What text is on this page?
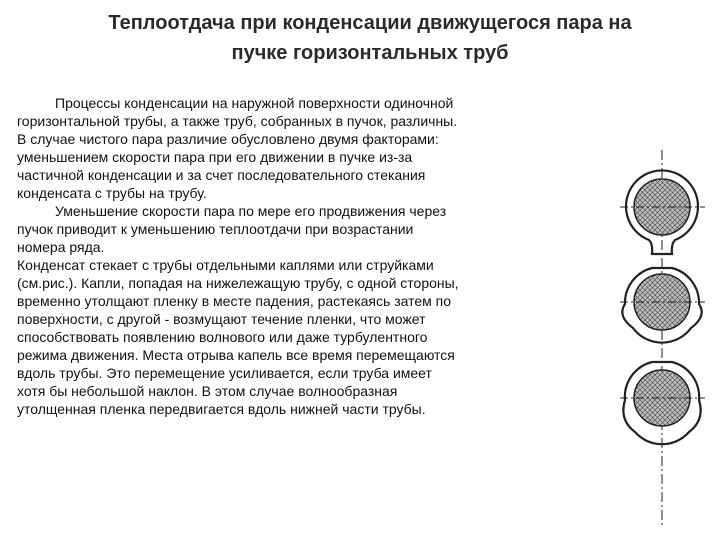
Теплоотдача при конденсации движущегося пара на
пучке горизонтальных труб
Процессы конденсации на наружной поверхности одиночной
горизонтальной трубы, а также труб, собранных в пучок, различны.
В случае чистого пара различие обусловлено двумя факторами:
уменьшением скорости пара при его движении в пучке из-за
частичной конденсации и за счет последовательного стекания
конденсата с трубы на трубу.
Уменьшение скорости пара по мере его продвижения через
пучок приводит к уменьшению теплоотдачи при возрастании
номера ряда.
Конденсат стекает с трубы отдельными каплями или струйками
(см.рис.). Капли, попадая на нижележащую трубу, с одной стороны,
временно утолщают пленку в месте падения, растекаясь затем по
поверхности, с другой - возмущают течение пленки, что может
способствовать появлению волнового или даже турбулентного
режима движения. Места отрыва капель все время перемещаются
вдоль трубы. Это перемещение усиливается, если труба имеет
хотя бы небольшой наклон. В этом случае волнообразная
утолщенная пленка передвигается вдоль нижней части трубы.
